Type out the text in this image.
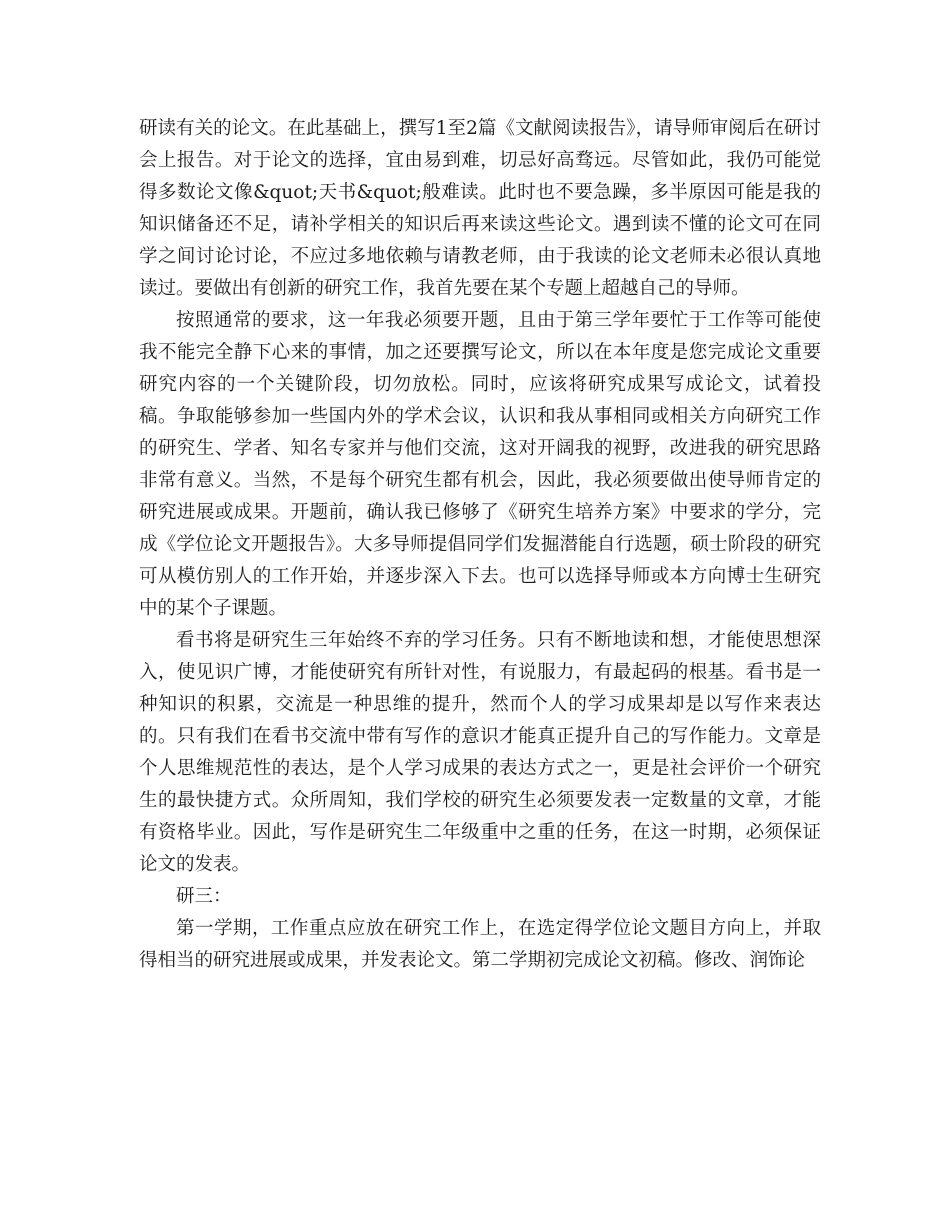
研读有关的论文。在此基础上，撰写1至2篇《文献阅读报告》，请导师审阅后在研讨会上报告。对于论文的选择，宜由易到难，切忌好高骛远。尽管如此，我仍可能觉得多数论文像&quot;天书&quot;般难读。此时也不要急躁，多半原因可能是我的知识储备还不足，请补学相关的知识后再来读这些论文。遇到读不懂的论文可在同学之间讨论讨论，不应过多地依赖与请教老师，由于我读的论文老师未必很认真地读过。要做出有创新的研究工作，我首先要在某个专题上超越自己的导师。

按照通常的要求，这一年我必须要开题，且由于第三学年要忙于工作等可能使我不能完全静下心来的事情，加之还要撰写论文，所以在本年度是您完成论文重要研究内容的一个关键阶段，切勿放松。同时，应该将研究成果写成论文，试着投稿。争取能够参加一些国内外的学术会议，认识和我从事相同或相关方向研究工作的研究生、学者、知名专家并与他们交流，这对开阔我的视野，改进我的研究思路非常有意义。当然，不是每个研究生都有机会，因此，我必须要做出使导师肯定的研究进展或成果。开题前，确认我已修够了《研究生培养方案》中要求的学分，完成《学位论文开题报告》。大多导师提倡同学们发掘潜能自行选题，硕士阶段的研究可从模仿别人的工作开始，并逐步深入下去。也可以选择导师或本方向博士生研究中的某个子课题。

看书将是研究生三年始终不弃的学习任务。只有不断地读和想，才能使思想深入，使见识广博，才能使研究有所针对性，有说服力，有最起码的根基。看书是一种知识的积累，交流是一种思维的提升，然而个人的学习成果却是以写作来表达的。只有我们在看书交流中带有写作的意识才能真正提升自己的写作能力。文章是个人思维规范性的表达，是个人学习成果的表达方式之一，更是社会评价一个研究生的最快捷方式。众所周知，我们学校的研究生必须要发表一定数量的文章，才能有资格毕业。因此，写作是研究生二年级重中之重的任务，在这一时期，必须保证论文的发表。

研三：

第一学期，工作重点应放在研究工作上，在选定得学位论文题目方向上，并取得相当的研究进展或成果，并发表论文。第二学期初完成论文初稿。修改、润饰论
